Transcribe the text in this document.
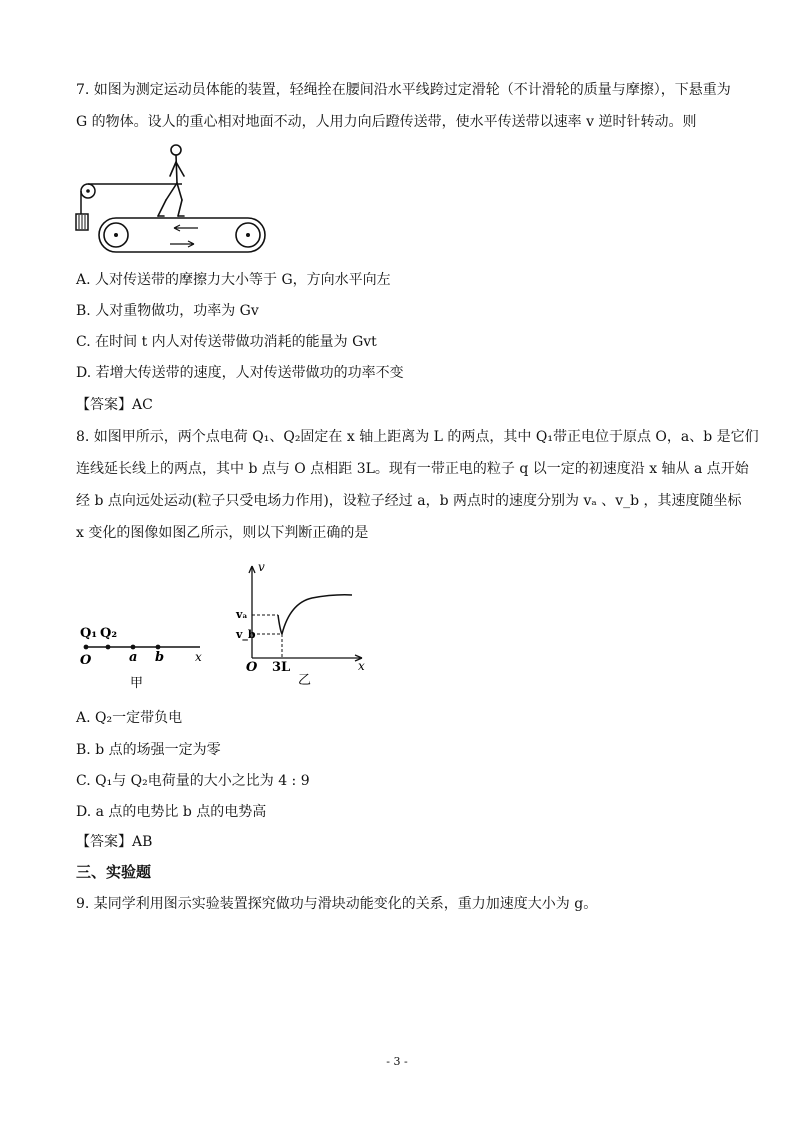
7. 如图为测定运动员体能的装置，轻绳拴在腰间沿水平线跨过定滑轮（不计滑轮的质量与摩擦），下悬重为
G 的物体。设人的重心相对地面不动，人用力向后蹬传送带，使水平传送带以速率 v 逆时针转动。则
A. 人对传送带的摩擦力大小等于 G，方向水平向左
B. 人对重物做功，功率为 Gv
C. 在时间 t 内人对传送带做功消耗的能量为 Gvt
D. 若增大传送带的速度，人对传送带做功的功率不变
【答案】AC
8. 如图甲所示，两个点电荷 Q₁、Q₂固定在 x 轴上距离为 L 的两点，其中 Q₁带正电位于原点 O，a、b 是它们
连线延长线上的两点，其中 b 点与 O 点相距 3L。现有一带正电的粒子 q 以一定的初速度沿 x 轴从 a 点开始
经 b 点向远处运动(粒子只受电场力作用)，设粒子经过 a，b 两点时的速度分别为 vₐ 、v_b ，其速度随坐标
x 变化的图像如图乙所示，则以下判断正确的是
Q₁ Q₂
O	a b	x
甲
v
vₐ
v_b
O 3L	x
乙
A. Q₂一定带负电
B. b 点的场强一定为零
C. Q₁与 Q₂电荷量的大小之比为 4 : 9
D. a 点的电势比 b 点的电势高
【答案】AB
三、实验题
9. 某同学利用图示实验装置探究做功与滑块动能变化的关系，重力加速度大小为 g。
- 3 -
